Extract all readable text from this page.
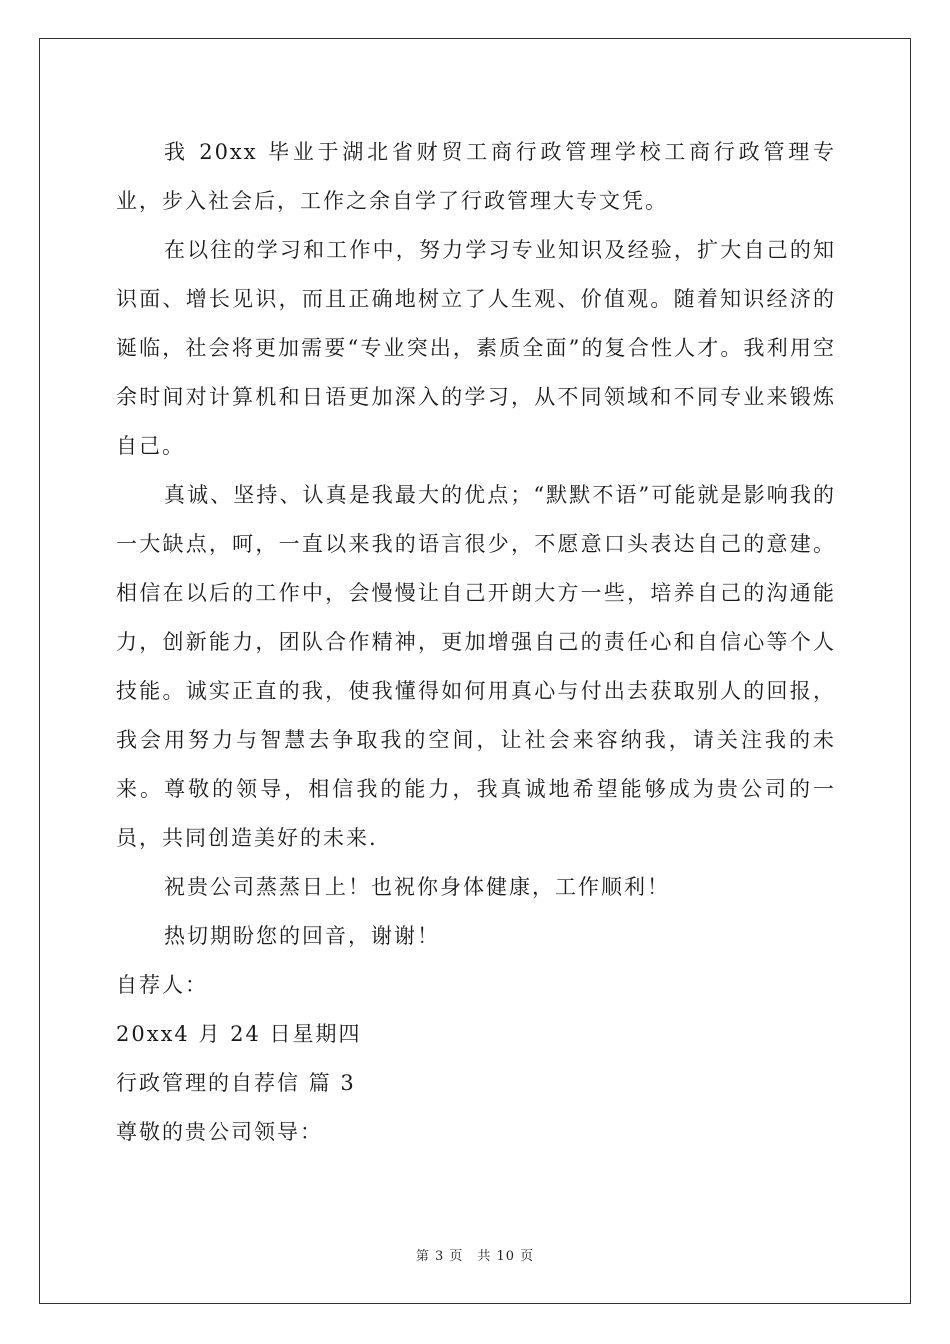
我 20xx 毕业于湖北省财贸工商行政管理学校工商行政管理专业，步入社会后，工作之余自学了行政管理大专文凭。

在以往的学习和工作中，努力学习专业知识及经验，扩大自己的知识面、增长见识，而且正确地树立了人生观、价值观。随着知识经济的诞临，社会将更加需要“专业突出，素质全面”的复合性人才。我利用空余时间对计算机和日语更加深入的学习，从不同领域和不同专业来锻炼自己。

真诚、坚持、认真是我最大的优点；“默默不语”可能就是影响我的一大缺点，呵，一直以来我的语言很少，不愿意口头表达自己的意建。相信在以后的工作中，会慢慢让自己开朗大方一些，培养自己的沟通能力，创新能力，团队合作精神，更加增强自己的责任心和自信心等个人技能。诚实正直的我，使我懂得如何用真心与付出去获取别人的回报，我会用努力与智慧去争取我的空间，让社会来容纳我，请关注我的未来。尊敬的领导，相信我的能力，我真诚地希望能够成为贵公司的一员，共同创造美好的未来.

祝贵公司蒸蒸日上！也祝你身体健康，工作顺利！

热切期盼您的回音，谢谢！

自荐人：

20xx4 月 24 日星期四

行政管理的自荐信 篇 3

尊敬的贵公司领导：

第 3 页 共 10 页
